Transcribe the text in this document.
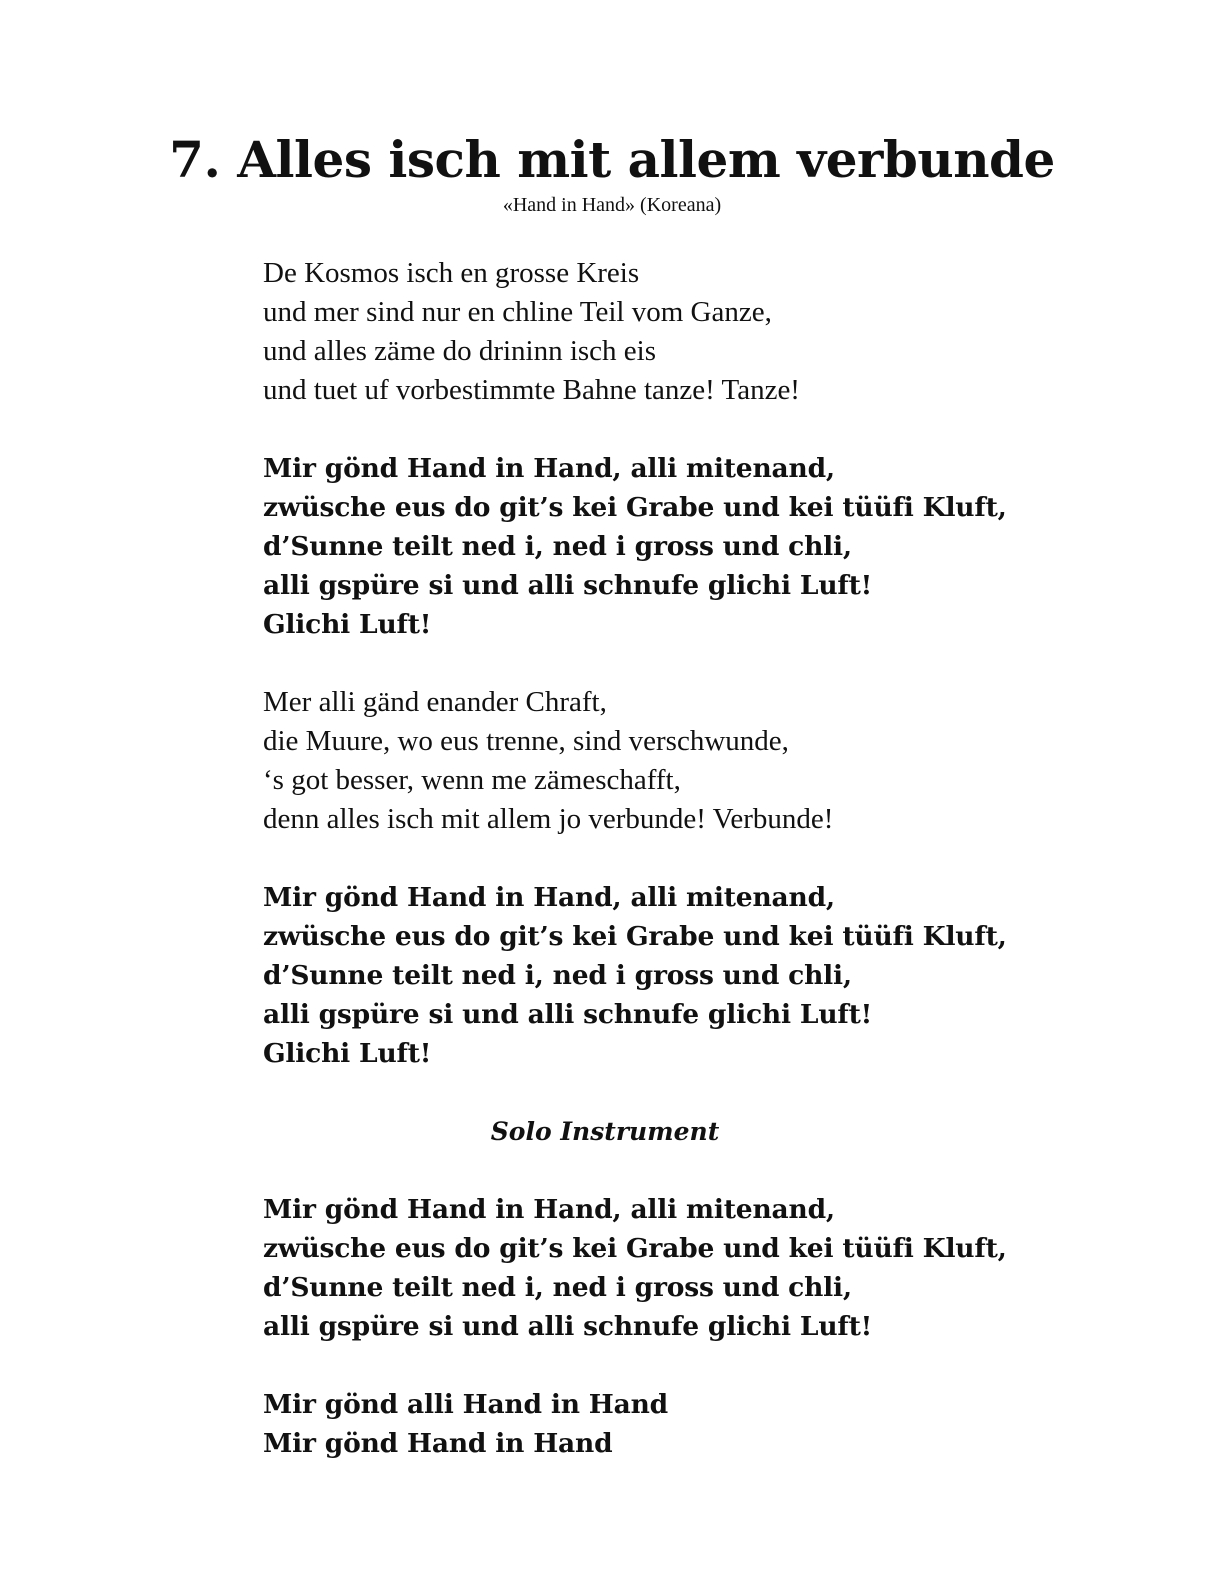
7. Alles isch mit allem verbunde
«Hand in Hand» (Koreana)
De Kosmos isch en grosse Kreis
und mer sind nur en chline Teil vom Ganze,
und alles zäme do drininn isch eis
und tuet uf vorbestimmte Bahne tanze! Tanze!
Mir gönd Hand in Hand, alli mitenand,
zwüsche eus do git’s kei Grabe und kei tüüfi Kluft,
d’Sunne teilt ned i, ned i gross und chli,
alli gspüre si und alli schnufe glichi Luft!
Glichi Luft!
Mer alli gänd enander Chraft,
die Muure, wo eus trenne, sind verschwunde,
‘s got besser, wenn me zämeschafft,
denn alles isch mit allem jo verbunde! Verbunde!
Mir gönd Hand in Hand, alli mitenand,
zwüsche eus do git’s kei Grabe und kei tüüfi Kluft,
d’Sunne teilt ned i, ned i gross und chli,
alli gspüre si und alli schnufe glichi Luft!
Glichi Luft!
Solo Instrument
Mir gönd Hand in Hand, alli mitenand,
zwüsche eus do git’s kei Grabe und kei tüüfi Kluft,
d’Sunne teilt ned i, ned i gross und chli,
alli gspüre si und alli schnufe glichi Luft!
Mir gönd alli Hand in Hand
Mir gönd Hand in Hand
